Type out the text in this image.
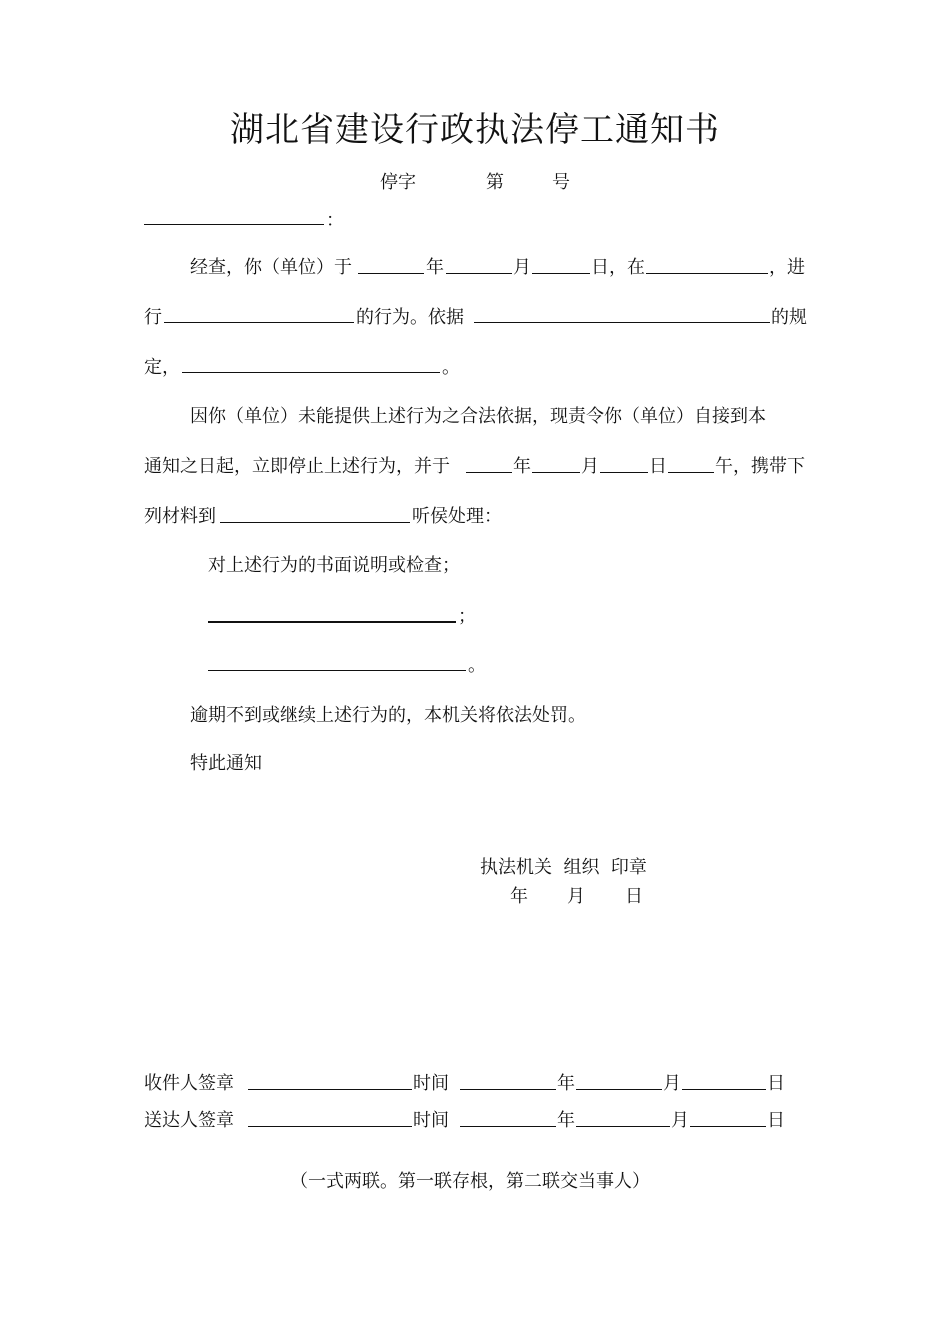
湖北省建设行政执法停工通知书
停字	第	号
：
经查，你（单位）于	年	月	日，在	，进
行	的行为。依据	的规
定，	。
因你（单位）未能提供上述行为之合法依据，现责令你（单位）自接到本
通知之日起，立即停止上述行为，并于	年	月	日	午，携带下
列材料到	听侯处理：
对上述行为的书面说明或检查；
；
。
逾期不到或继续上述行为的，本机关将依法处罚。
特此通知
执法机关  组织  印章
年 月 日
收件人签章	时间	年	月	日
送达人签章	时间	年	月	日
（一式两联。第一联存根，第二联交当事人）
